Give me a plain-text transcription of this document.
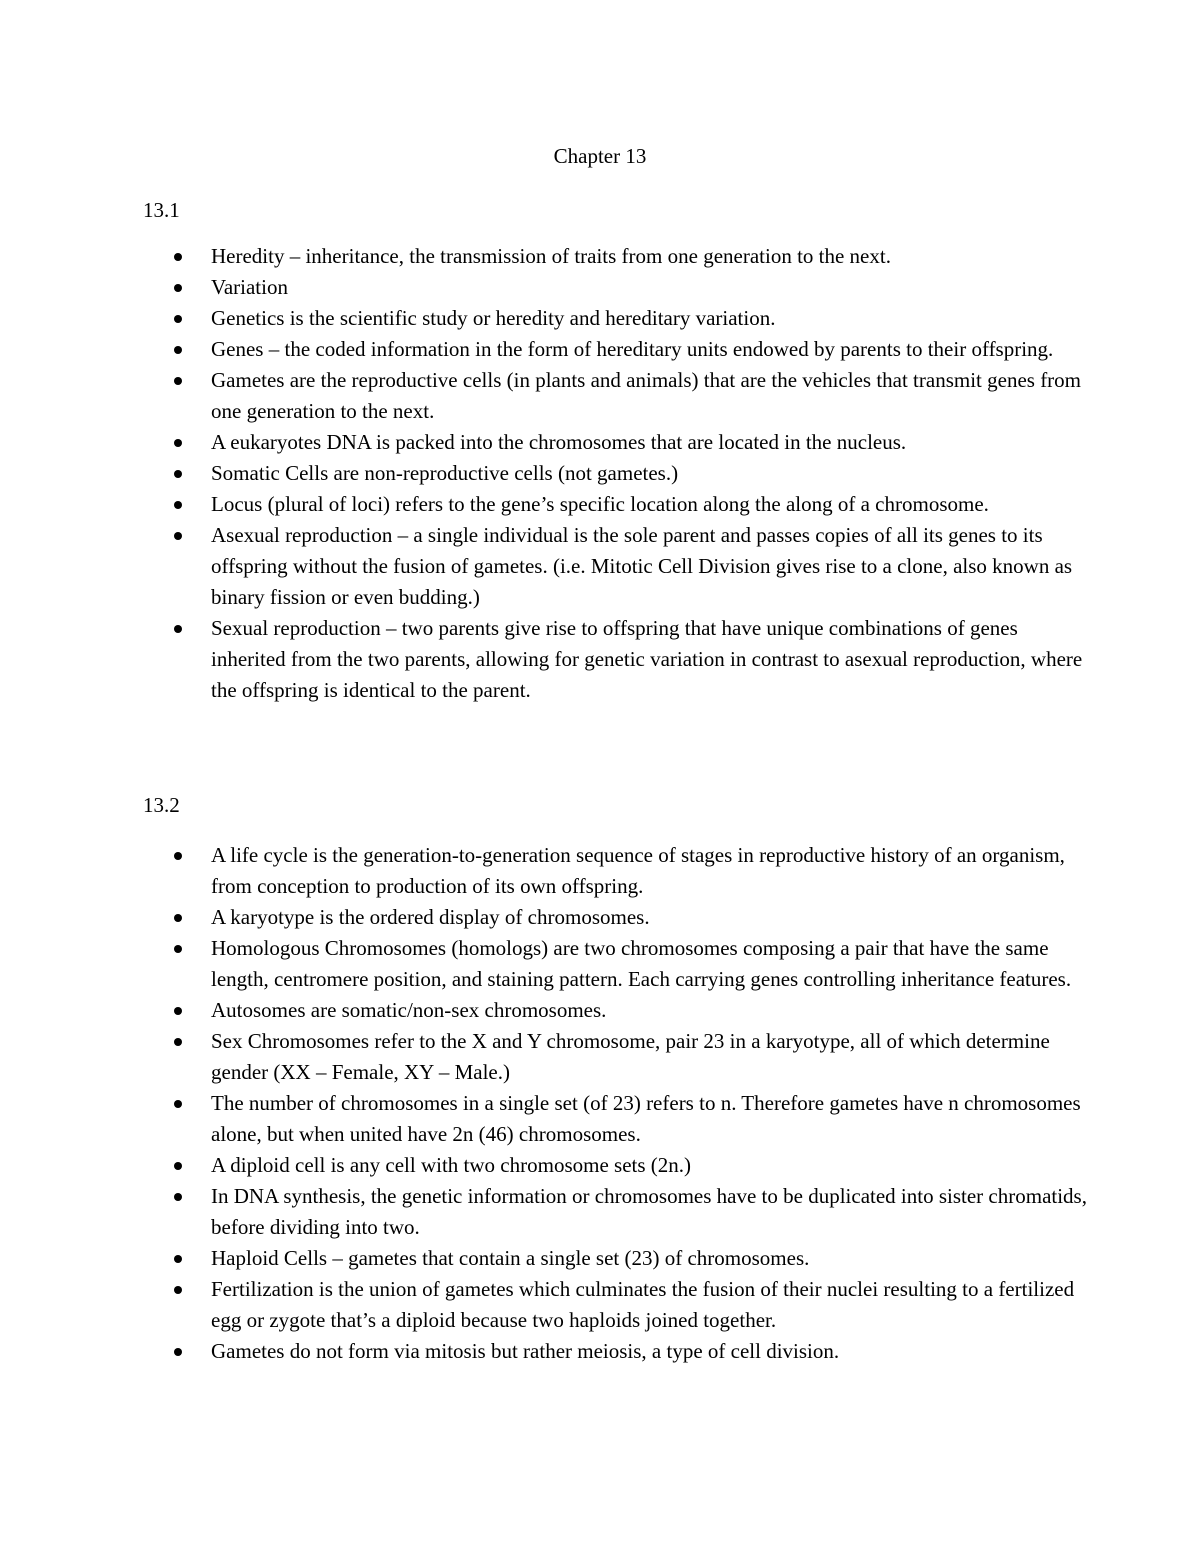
Chapter 13
13.1
Heredity – inheritance, the transmission of traits from one generation to the next.
Variation
Genetics is the scientific study or heredity and hereditary variation.
Genes – the coded information in the form of hereditary units endowed by parents to their offspring.
Gametes are the reproductive cells (in plants and animals) that are the vehicles that transmit genes from one generation to the next.
A eukaryotes DNA is packed into the chromosomes that are located in the nucleus.
Somatic Cells are non-reproductive cells (not gametes.)
Locus (plural of loci) refers to the gene’s specific location along the along of a chromosome.
Asexual reproduction – a single individual is the sole parent and passes copies of all its genes to its offspring without the fusion of gametes. (i.e. Mitotic Cell Division gives rise to a clone, also known as binary fission or even budding.)
Sexual reproduction – two parents give rise to offspring that have unique combinations of genes inherited from the two parents, allowing for genetic variation in contrast to asexual reproduction, where the offspring is identical to the parent.
13.2
A life cycle is the generation-to-generation sequence of stages in reproductive history of an organism, from conception to production of its own offspring.
A karyotype is the ordered display of chromosomes.
Homologous Chromosomes (homologs) are two chromosomes composing a pair that have the same length, centromere position, and staining pattern. Each carrying genes controlling inheritance features.
Autosomes are somatic/non-sex chromosomes.
Sex Chromosomes refer to the X and Y chromosome, pair 23 in a karyotype, all of which determine gender (XX – Female, XY – Male.)
The number of chromosomes in a single set (of 23) refers to n. Therefore gametes have n chromosomes alone, but when united have 2n (46) chromosomes.
A diploid cell is any cell with two chromosome sets (2n.)
In DNA synthesis, the genetic information or chromosomes have to be duplicated into sister chromatids, before dividing into two.
Haploid Cells – gametes that contain a single set (23) of chromosomes.
Fertilization is the union of gametes which culminates the fusion of their nuclei resulting to a fertilized egg or zygote that’s a diploid because two haploids joined together.
Gametes do not form via mitosis but rather meiosis, a type of cell division.
